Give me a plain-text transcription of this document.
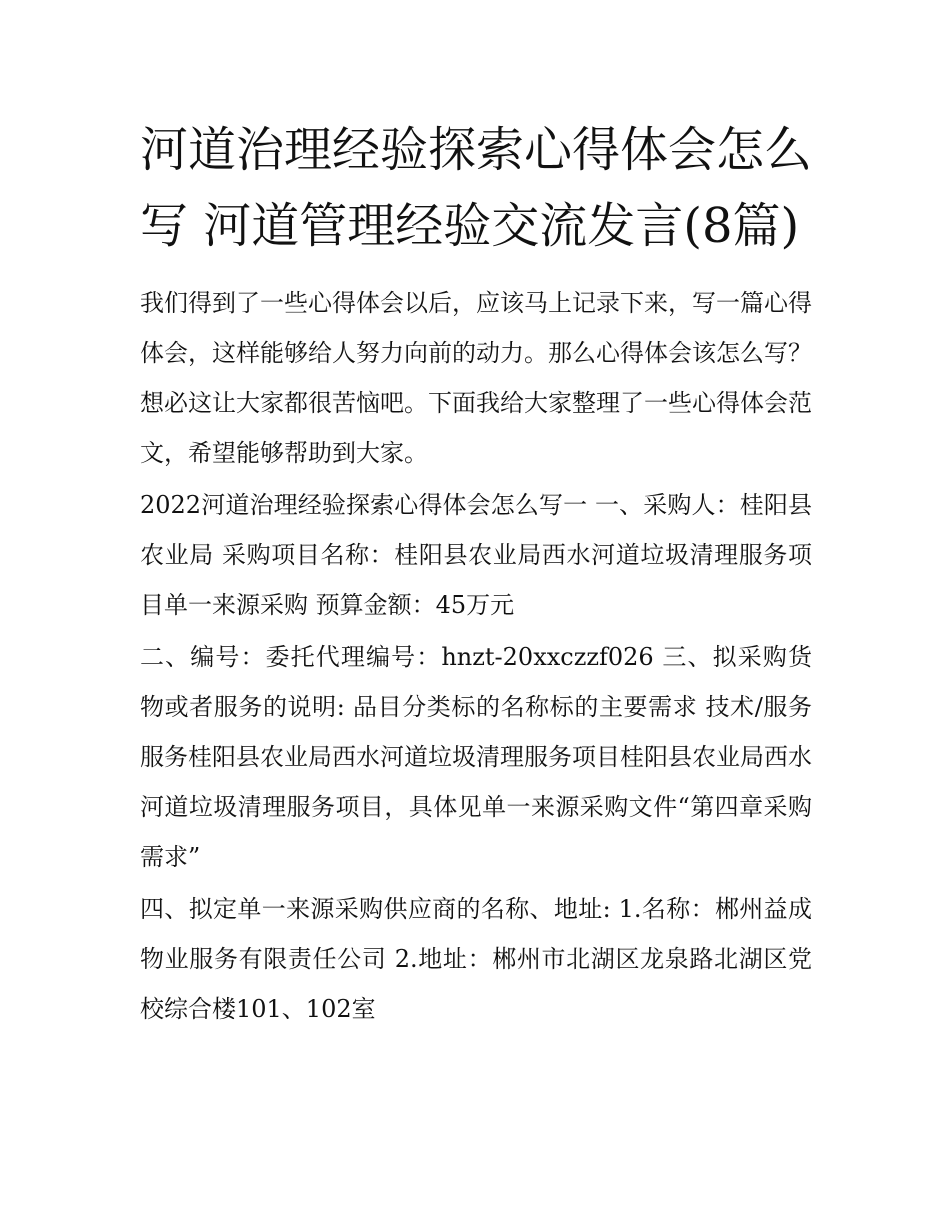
河道治理经验探索心得体会怎么写 河道管理经验交流发言(8篇)

我们得到了一些心得体会以后，应该马上记录下来，写一篇心得体会，这样能够给人努力向前的动力。那么心得体会该怎么写？想必这让大家都很苦恼吧。下面我给大家整理了一些心得体会范文，希望能够帮助到大家。

2022河道治理经验探索心得体会怎么写一 一、采购人：桂阳县农业局 采购项目名称：桂阳县农业局西水河道垃圾清理服务项目单一来源采购 预算金额：45万元

二、编号：委托代理编号：hnzt-20xxczzf026 三、拟采购货物或者服务的说明: 品目分类标的名称标的主要需求 技术/服务服务桂阳县农业局西水河道垃圾清理服务项目桂阳县农业局西水河道垃圾清理服务项目，具体见单一来源采购文件“第四章采购需求”

四、拟定单一来源采购供应商的名称、地址: 1.名称：郴州益成物业服务有限责任公司 2.地址：郴州市北湖区龙泉路北湖区党校综合楼101、102室
